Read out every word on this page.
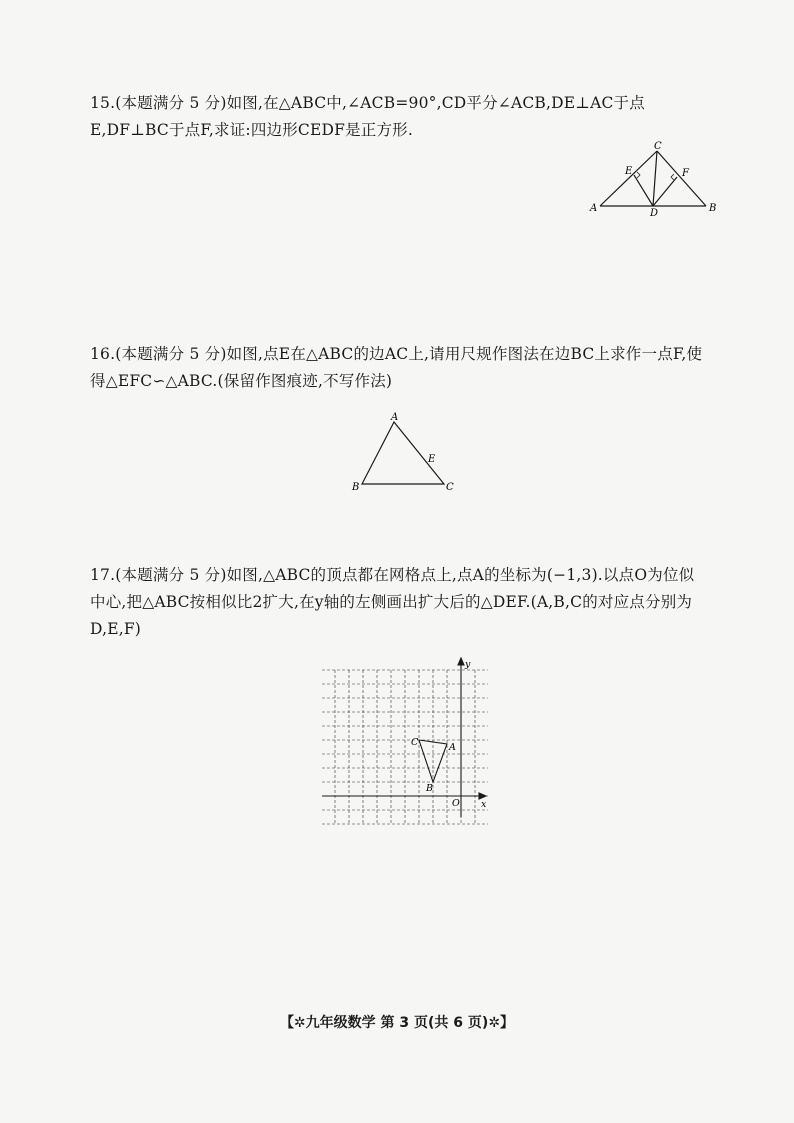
15.(本题满分 5 分)如图,在△ABC中,∠ACB=90°,CD平分∠ACB,DE⊥AC于点E,DF⊥BC于点F,求证:四边形CEDF是正方形.

A	B
C
D
E	F

16.(本题满分 5 分)如图,点E在△ABC的边AC上,请用尺规作图法在边BC上求作一点F,使得△EFC∽△ABC.(保留作图痕迹,不写作法)

A
B	C
E

17.(本题满分 5 分)如图,△ABC的顶点都在网格点上,点A的坐标为(−1,3).以点O为位似中心,把△ABC按相似比2扩大,在y轴的左侧画出扩大后的△DEF.(A,B,C的对应点分别为D,E,F)

y
x
O
A
B
C
【✲九年级数学 第 3 页(共 6 页)✲】
